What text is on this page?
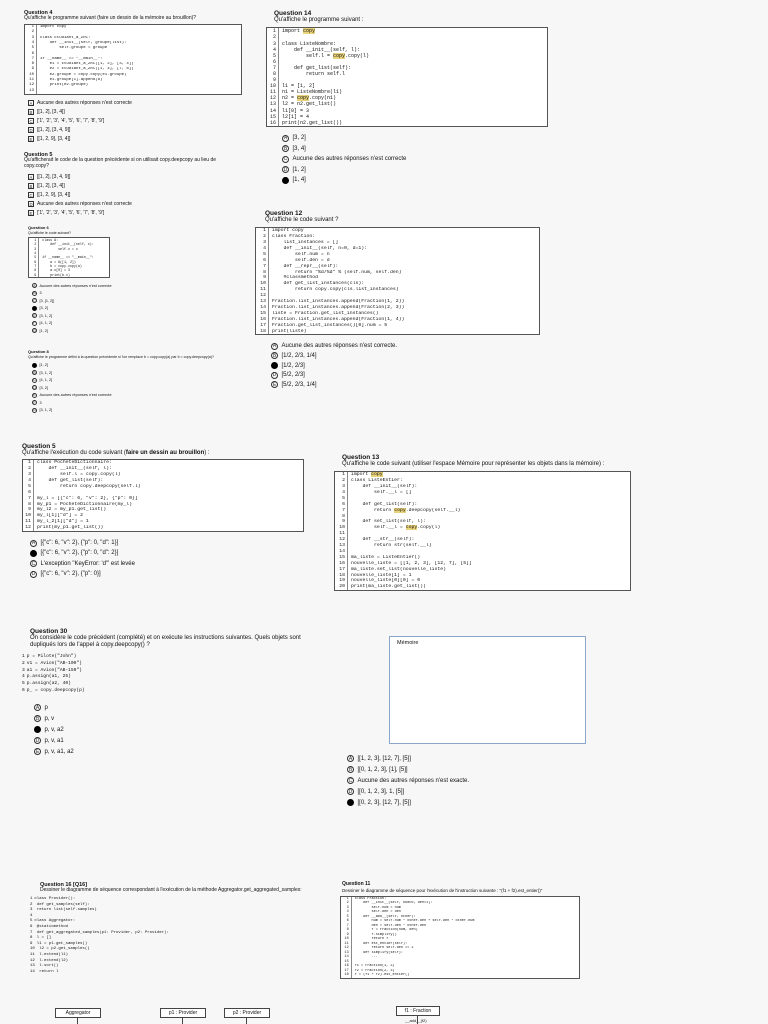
Question 4
Qu'affiche le programme suivant (faire un dessin de la mémoire au brouillon)?
1	import copy
2
3	class Etudiant_a_ZRC:
4	def __init__(self, groupe(list):
5	self.groupe = groupe
6
7	if __name__ == "__main__":
8	e1 = Etudiant_a_ZRC([1, 2], [3, 4])
9	e2 = Etudiant_a_ZRC([1, 4], [7, 8])
10	e2.groupe = copy.copy(e1.groupe)
11	e1.groupe[1].append(8)
12	print(e2.groupe)
13
A Aucune des autres réponses n'est correcte
B [[1, 2], [3, 4]]
C ['1', '2', '3', '4', '5', '6', '7', '8', '9']
D [[1, 2], [3, 4, 9]]
E [[1, 2, 9], [3, 4]]
Question 5
Qu'afficherait le code de la question précédente si on utilisait copy.deepcopy au lieu de copy.copy?
A [[1, 2], [3, 4, 9]]
B [[1, 2], [3, 4]]
C [[1, 2, 9], [3, 4]]
D Aucune des autres réponses n'est correcte
E ['1', '2', '3', '4', '5', '6', '7', '8', '9']
Question 6
Qu'affiche le code suivant?
1	class A:
2	def __init__(self, x):
3	self.x = x
4
5	if __name__ == "__main__":
6	a = A([1, 2])
7	b = copy.copy(a)
8	a.x[0] = 3
9	print(b.x)
A Aucune des autres réponses n'est correcte
B 3
C [3, [1, 2]]
D [3, 2]
E [3, 1, 2]
F	[4, 1, 2]
G [1, 2]
Question 8
Qu'affiche le programme défini à la question précédente si l'on remplace b = copy.copy(a) par b = copy.deepcopy(a)?
A [1, 2]
B [3, 1, 2]
C [4, 1, 2]
D [3, 2]
E Aucune des autres réponses n'est correcte
F	3
G [3, 1, 2]
Question 14
Qu'affiche le programme suivant :
1	import copy
2
3	class ListeNombre:
4	def __init__(self, l):
5	self.l = copy.copy(l)
6
7	def get_list(self):
8	return self.l
9
10	l1 = [1, 2]
11	n1 = ListeNombre(l1)
12	n2 = copy.copy(n1)
13	l2 = n2.get_list()
14	l1[0] = 3
15	l2[1] = 4
16	print(n2.get_list())
A [3, 2]
B [3, 4]
C Aucune des autres réponses n'est correcte
D [1, 2]
E [1, 4]
Question 12
Qu'affiche le code suivant ?
1	import copy
2	class Fraction:
3	list_instances = []
4	def __init__(self, n=0, d=1):
5	self.num = n
6	self.den = d
7	def __repr__(self):
8	return "%d/%d" % (self.num, self.den)
9	#classmethod
10	def get_list_instances(cls):
11	return copy.copy(cls.list_instances)
12
13	Fraction.list_instances.append(Fraction(1, 2))
14	Fraction.list_instances.append(Fraction(2, 3))
15	liste = Fraction.get_list_instances()
16	Fraction.list_instances.append(Fraction(1, 4))
17	Fraction.get_list_instances()[0].num = 5
18	print(liste)
A Aucune des autres réponses n'est correcte.
B [1/2, 2/3, 1/4]
C [1/2, 2/3]
D [5/2, 2/3]
E [5/2, 2/3, 1/4]
Question 5
Qu'affiche l'exécution du code suivant (faire un dessin au brouillon) :
1	class PocheteDictionnaire:
2	def __init__(self, l):
3	self.l = copy.copy(l)
4	def get_list(self):
5	return copy.deepcopy(self.l)
6
7	my_l = [{"c": 6, "v": 2}, {"p": 0}]
8	my_p1 = PocheteDictionnaire(my_l)
9	my_l2 = my_p1.get_list()
10	my_l[1]["d"] = 2
11	my_l_2[1]["d"] = 1
12	print(my_p1.get_list())
A [{"c": 6, "v": 2}, {"p": 0, "d": 1}]
B [{"c": 6, "v": 2}, {"p": 0, "d": 2}]
C L'exception "KeyError: 'd'" est levée
D [{"c": 6, "v": 2}, {"p": 0}]
Question 30
On considère le code précédent (complété) et on exécute les instructions suivantes. Quels objets sont dupliqués lors de l'appel à copy.deepcopy() ?
1 p = Pilote("John")
2 v1 = Avion("AB-100")
3 a1 = Avion("AB-150")
4 p.assign(a1, 25)
5 p.assign(a2, 40)
6 p_ = copy.deepcopy(p)
A p
B p, v
C p, v, a2
D p, v, a1
E p, v, a1, a2
Question 13
Qu'affiche le code suivant (utiliser l'espace Mémoire pour représenter les objets dans la mémoire) :
1	import copy
2	class ListeEntier:
3	def __init__(self):
4	self.__l = []
5
6	def get_list(self):
7	return copy.deepcopy(self.__l)
8
9	def set_list(self, l):
10	self.__l = copy.copy(l)
11
12	def __str__(self):
13	return str(self.__l)
14
15	ma_liste = ListeEntier()
16	nouvelle_liste = [[1, 2, 3], [12, 7], [5]]
17	ma_liste.set_list(nouvelle_liste)
18	nouvelle_liste[1] = 1
19	nouvelle_liste[0][0] = 0
20	print(ma_liste.get_list())
Mémoire
A [[1, 2, 3], [12, 7], [5]]
B [[0, 1, 2, 3], [1], [5]]
C Aucune des autres réponses n'est exacte.
D [[0, 1, 2, 3], 1, [5]]
E [[0, 2, 3], [12, 7], [5]]
Question 16 [Q16]
Dessiner le diagramme de séquence correspondant à l'exécution de la méthode Aggregator.get_aggregated_samples:
1 class Provider():
2 def get_samples(self):
3 return list(self.samples)
4
5 class Aggregator:
6 @staticmethod
7 def get_aggregated_samples(p1: Provider, p2: Provider):
8 l = []
9 l1 = p1.get_samples()
10 l2 = p2.get_samples()
11 l.extend(l1)
12 l.extend(l2)
13 l.sort()
14 return l
Aggregator	p1 : Provider	p2 : Provider
Question 11
Dessiner le diagramme de séquence pour l'exécution de l'instruction suivante : "(f1 + f2).est_entier()"
1	class Fraction:
2	def __init__(self, num=0, den=1):
3	self.num = num
4	self.den = den
5	def __add__(self, other):
6	num = self.num * other.den + self.den * other.num
7	den = self.den * other.den
8	f = Fraction(num, den)
9	f.simplify()
10	return f
11	def est_entier(self):
12	return self.den == 1
13	def simplify(self):
14	...
15
16	f1 = Fraction(1, 3)
17	f2 = Fraction(2, 3)
18	f = (f1 + f2).est_entier()
f1 : Fraction
__add__(f2)
